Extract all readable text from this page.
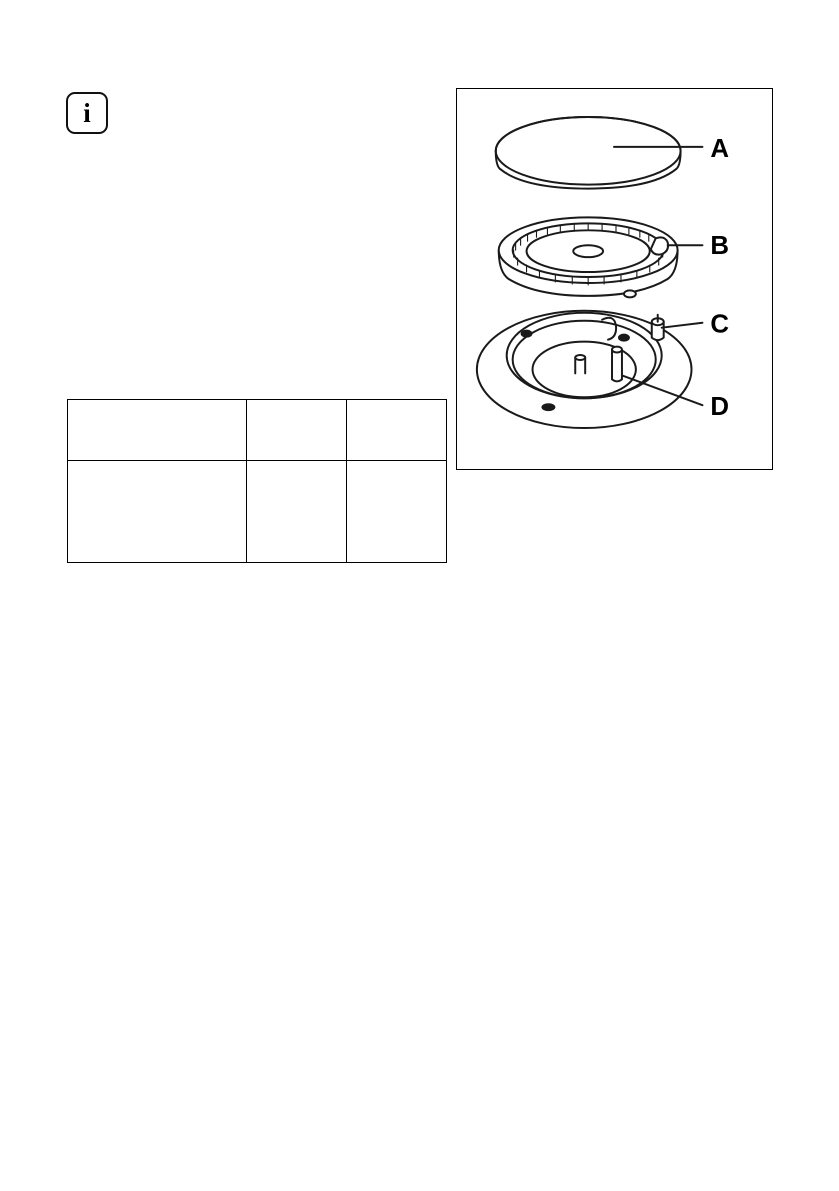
i

A
B
C
D
